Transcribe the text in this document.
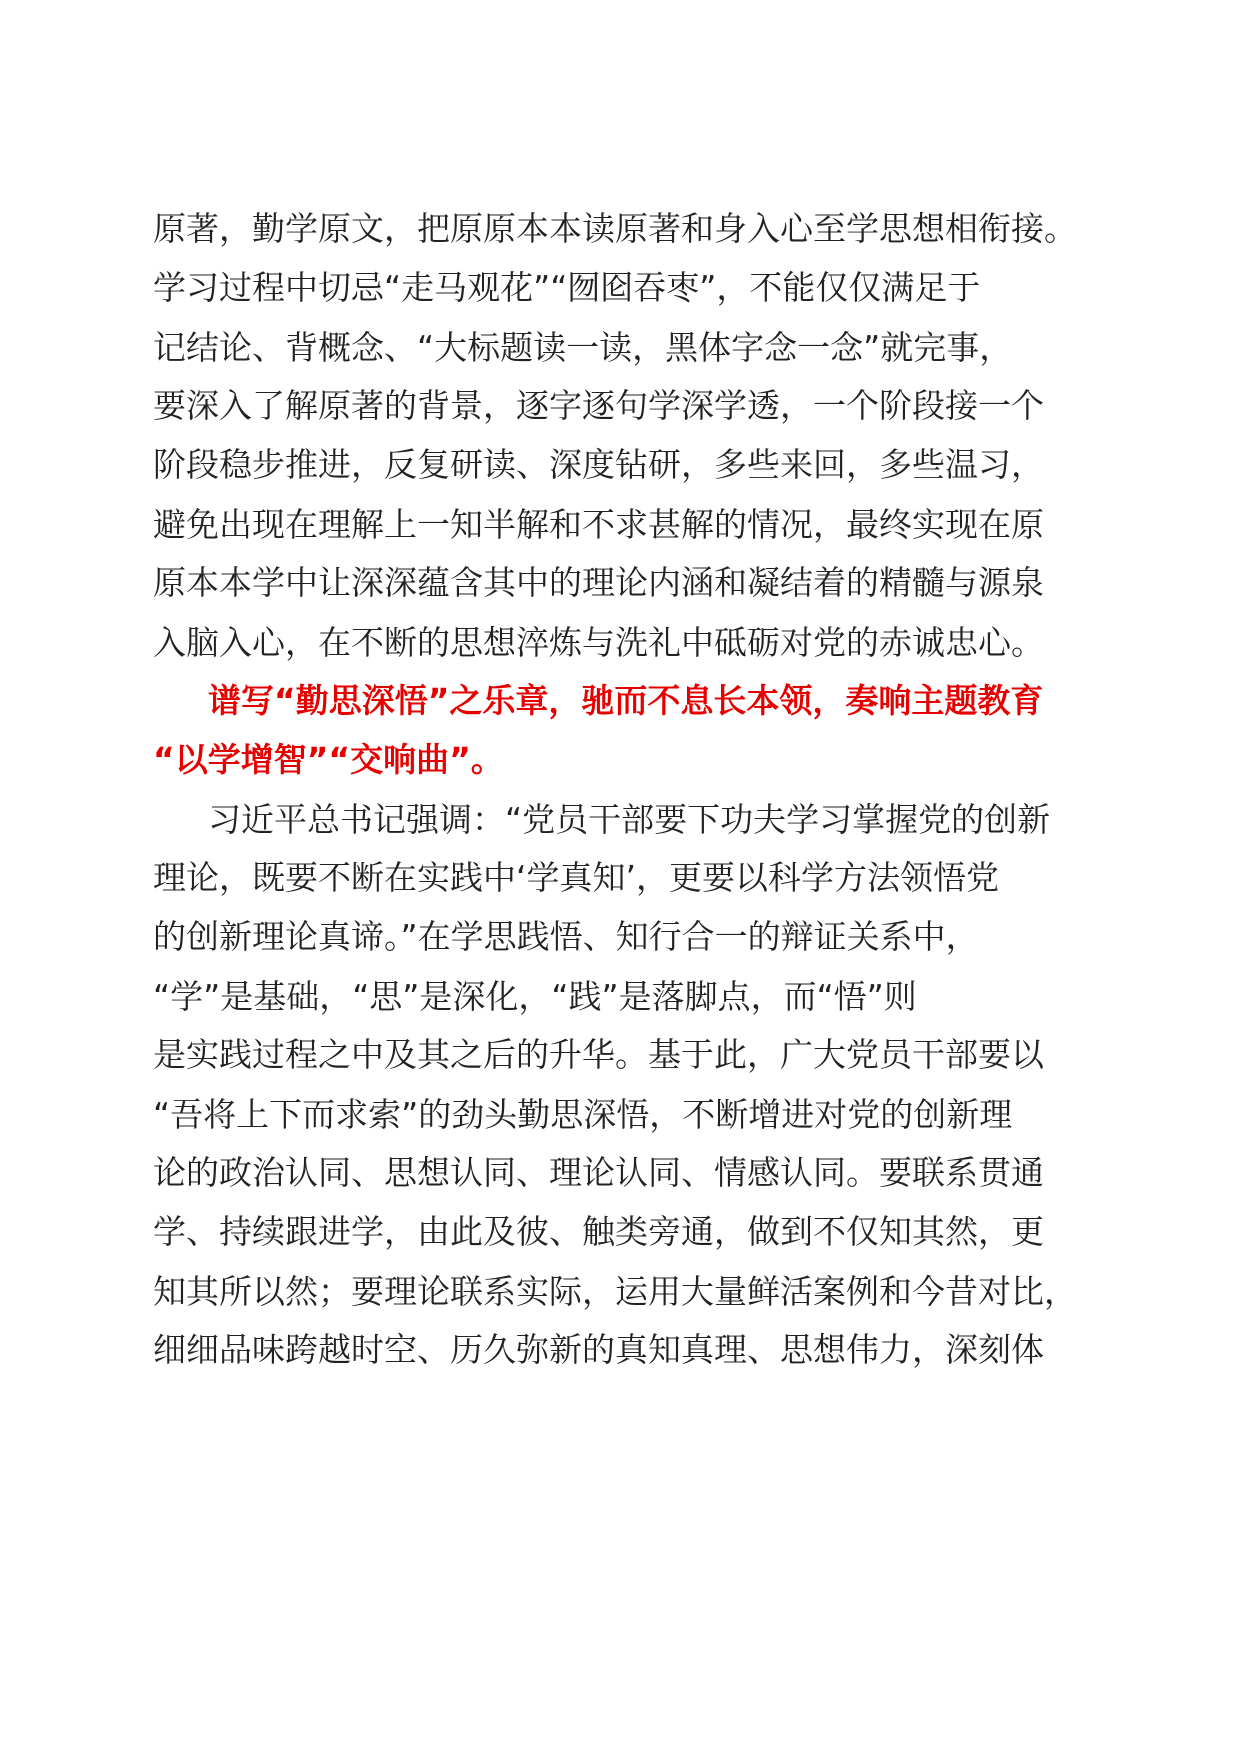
原著，勤学原文，把原原本本读原著和身入心至学思想相衔接。
学习过程中切忌“走马观花”“囫囵吞枣”，不能仅仅满足于
记结论、背概念、“大标题读一读，黑体字念一念”就完事，
要深入了解原著的背景，逐字逐句学深学透，一个阶段接一个
阶段稳步推进，反复研读、深度钻研，多些来回，多些温习，
避免出现在理解上一知半解和不求甚解的情况，最终实现在原
原本本学中让深深蕴含其中的理论内涵和凝结着的精髓与源泉
入脑入心，在不断的思想淬炼与洗礼中砥砺对党的赤诚忠心。
谱写“勤思深悟”之乐章，驰而不息长本领，奏响主题教育
“以学增智”“交响曲”。
习近平总书记强调：“党员干部要下功夫学习掌握党的创新
理论，既要不断在实践中‘学真知’，更要以科学方法领悟党
的创新理论真谛。”在学思践悟、知行合一的辩证关系中，
“学”是基础，“思”是深化，“践”是落脚点，而“悟”则
是实践过程之中及其之后的升华。基于此，广大党员干部要以
“吾将上下而求索”的劲头勤思深悟，不断增进对党的创新理
论的政治认同、思想认同、理论认同、情感认同。要联系贯通
学、持续跟进学，由此及彼、触类旁通，做到不仅知其然，更
知其所以然；要理论联系实际，运用大量鲜活案例和今昔对比，
细细品味跨越时空、历久弥新的真知真理、思想伟力，深刻体
